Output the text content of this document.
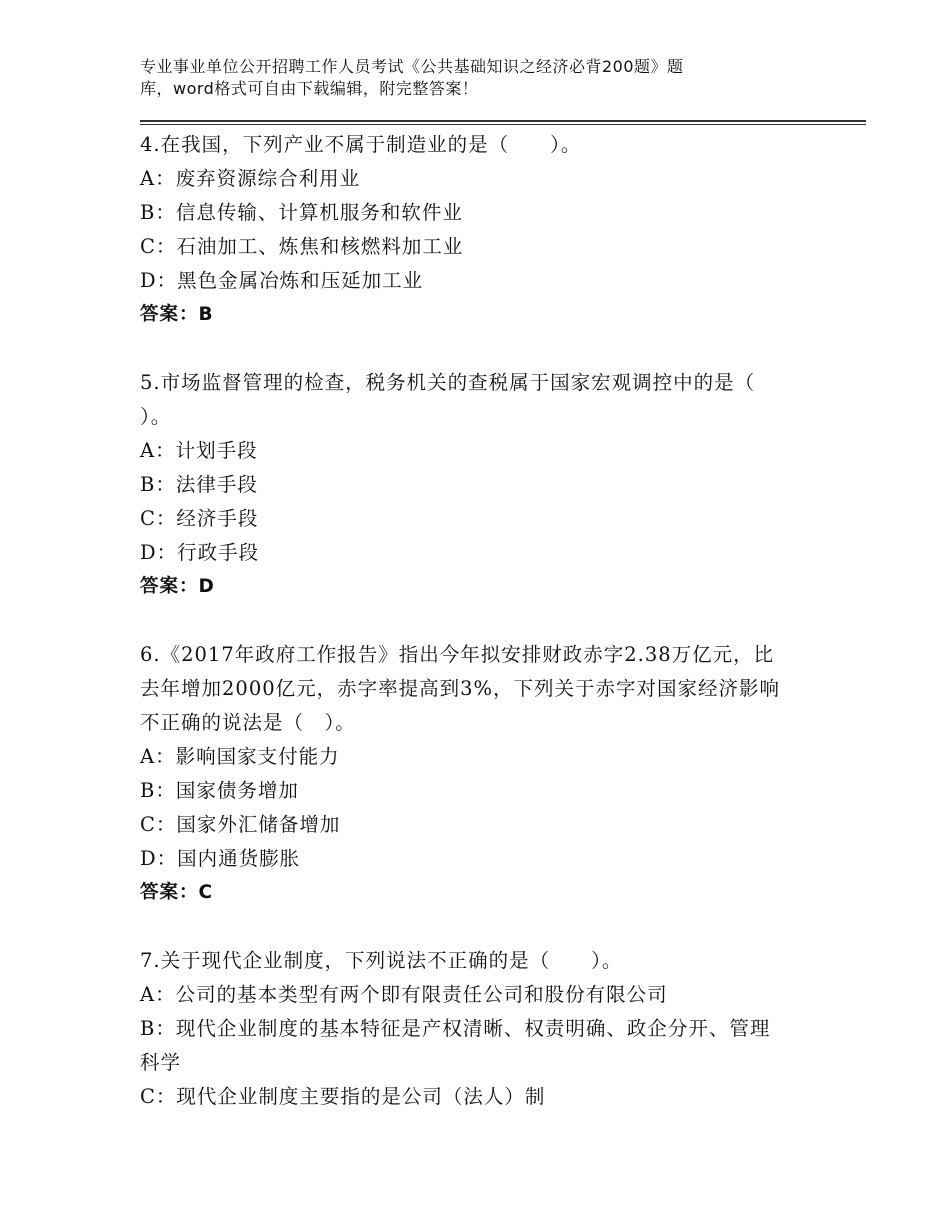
专业事业单位公开招聘工作人员考试《公共基础知识之经济必背200题》题
库，word格式可自由下载编辑，附完整答案！

4.在我国，下列产业不属于制造业的是（　　）。

A：废弃资源综合利用业

B：信息传输、计算机服务和软件业

C：石油加工、炼焦和核燃料加工业

D：黑色金属冶炼和压延加工业

答案：B

5.市场监督管理的检查，税务机关的查税属于国家宏观调控中的是（

）。

A：计划手段

B：法律手段

C：经济手段

D：行政手段

答案：D

6.《2017年政府工作报告》指出今年拟安排财政赤字2.38万亿元，比

去年增加2000亿元，赤字率提高到3%，下列关于赤字对国家经济影响

不正确的说法是（　）。

A：影响国家支付能力

B：国家债务增加

C：国家外汇储备增加

D：国内通货膨胀

答案：C

7.关于现代企业制度，下列说法不正确的是（　　）。

A：公司的基本类型有两个即有限责任公司和股份有限公司

B：现代企业制度的基本特征是产权清晰、权责明确、政企分开、管理

科学

C：现代企业制度主要指的是公司（法人）制
